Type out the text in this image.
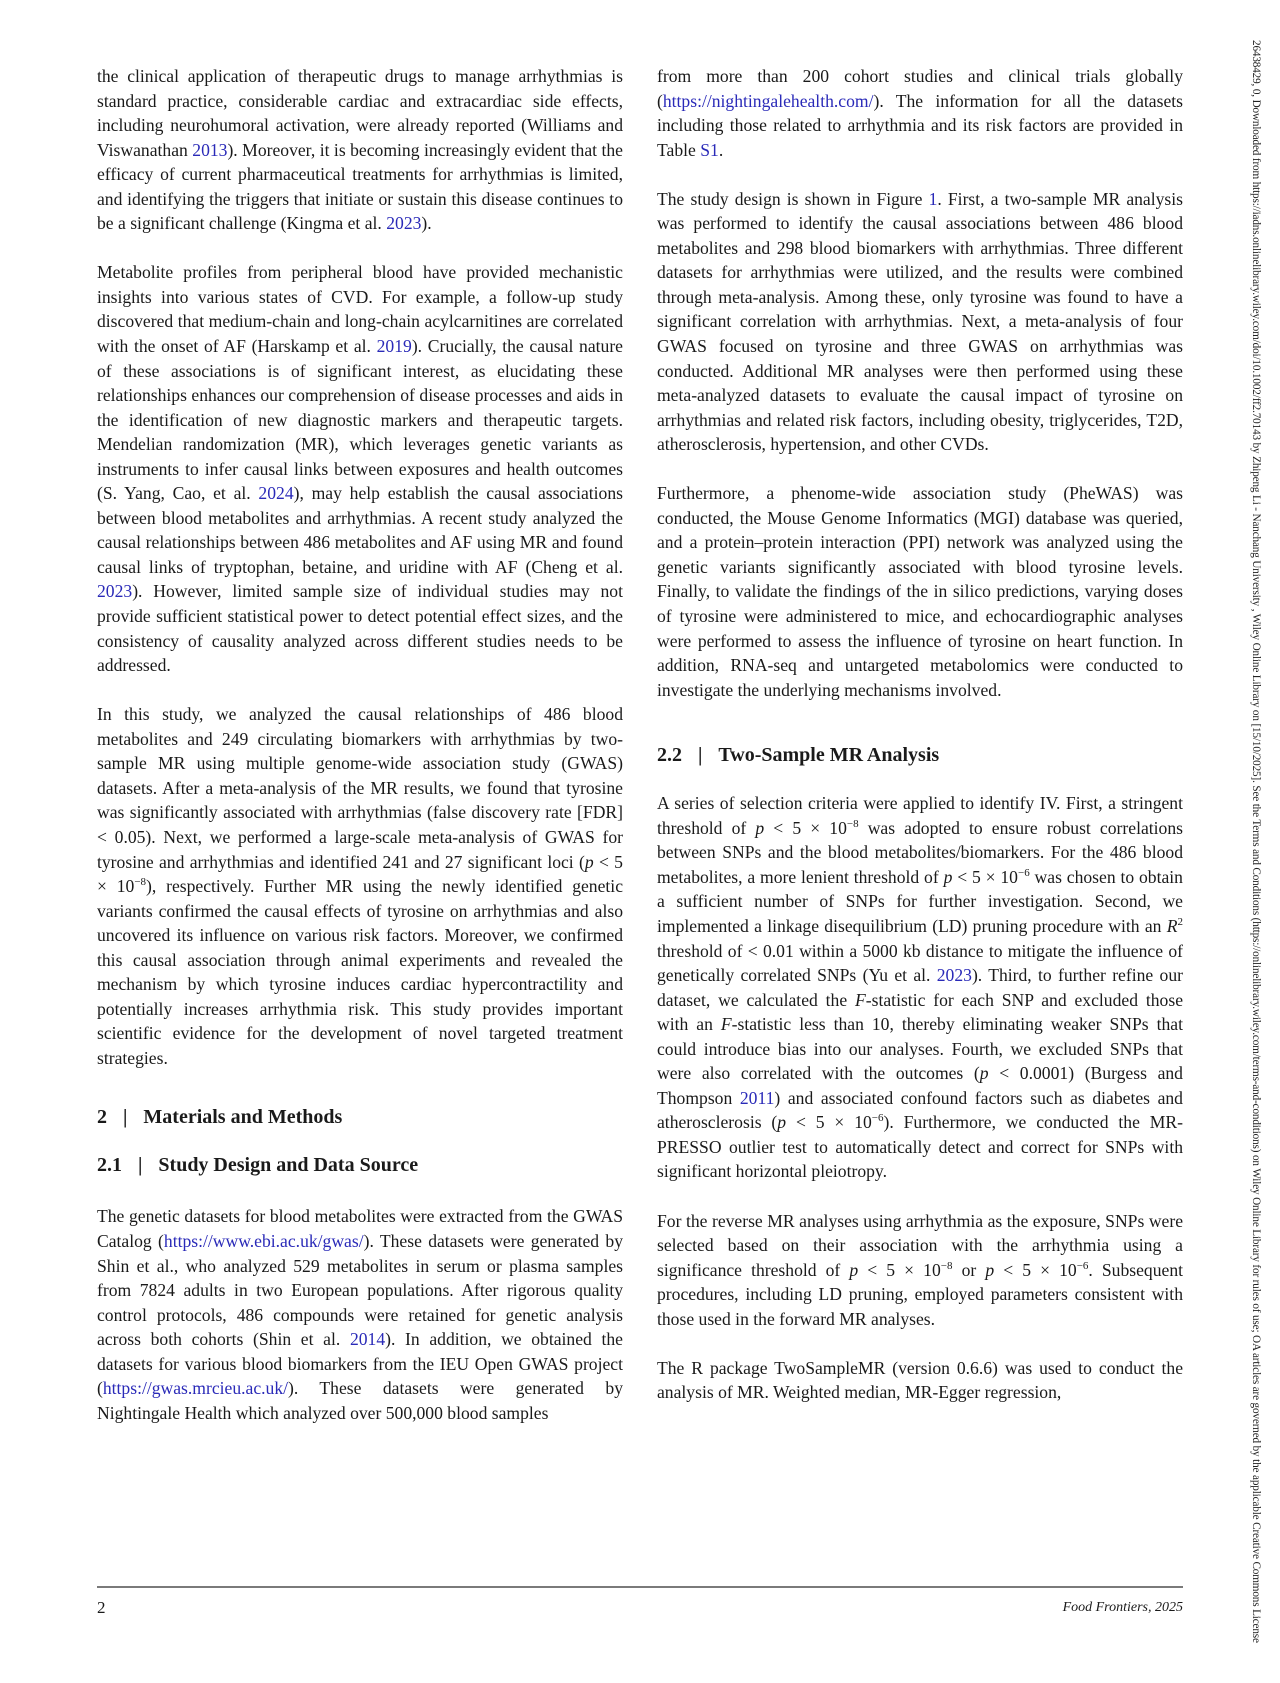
the clinical application of therapeutic drugs to manage arrhythmias is standard practice, considerable cardiac and extracardiac side effects, including neurohumoral activation, were already reported (Williams and Viswanathan 2013). Moreover, it is becoming increasingly evident that the efficacy of current pharmaceutical treatments for arrhythmias is limited, and identifying the triggers that initiate or sustain this disease continues to be a significant challenge (Kingma et al. 2023).

Metabolite profiles from peripheral blood have provided mechanistic insights into various states of CVD. For example, a follow-up study discovered that medium-chain and long-chain acylcarnitines are correlated with the onset of AF (Harskamp et al. 2019). Crucially, the causal nature of these associations is of significant interest, as elucidating these relationships enhances our comprehension of disease processes and aids in the identification of new diagnostic markers and therapeutic targets. Mendelian randomization (MR), which leverages genetic variants as instruments to infer causal links between exposures and health outcomes (S. Yang, Cao, et al. 2024), may help establish the causal associations between blood metabolites and arrhythmias. A recent study analyzed the causal relationships between 486 metabolites and AF using MR and found causal links of tryptophan, betaine, and uridine with AF (Cheng et al. 2023). However, limited sample size of individual studies may not provide sufficient statistical power to detect potential effect sizes, and the consistency of causality analyzed across different studies needs to be addressed.

In this study, we analyzed the causal relationships of 486 blood metabolites and 249 circulating biomarkers with arrhythmias by two-sample MR using multiple genome-wide association study (GWAS) datasets. After a meta-analysis of the MR results, we found that tyrosine was significantly associated with arrhythmias (false discovery rate [FDR] < 0.05). Next, we performed a large-scale meta-analysis of GWAS for tyrosine and arrhythmias and identified 241 and 27 significant loci $(p < 5 \times 10^{-8})$, respectively. Further MR using the newly identified genetic variants confirmed the causal effects of tyrosine on arrhythmias and also uncovered its influence on various risk factors. Moreover, we confirmed this causal association through animal experiments and revealed the mechanism by which tyrosine induces cardiac hypercontractility and potentially increases arrhythmia risk. This study provides important scientific evidence for the development of novel targeted treatment strategies.

2 | Materials and Methods
2.1 | Study Design and Data Source

The genetic datasets for blood metabolites were extracted from the GWAS Catalog (https://www.ebi.ac.uk/gwas/). These datasets were generated by Shin et al., who analyzed 529 metabolites in serum or plasma samples from 7824 adults in two European populations. After rigorous quality control protocols, 486 compounds were retained for genetic analysis across both cohorts (Shin et al. 2014). In addition, we obtained the datasets for various blood biomarkers from the IEU Open GWAS project (https://gwas.mrcieu.ac.uk/). These datasets were generated by Nightingale Health which analyzed over 500,000 blood samples

from more than 200 cohort studies and clinical trials globally (https://nightingalehealth.com/). The information for all the datasets including those related to arrhythmia and its risk factors are provided in Table S1.

The study design is shown in Figure 1. First, a two-sample MR analysis was performed to identify the causal associations between 486 blood metabolites and 298 blood biomarkers with arrhythmias. Three different datasets for arrhythmias were utilized, and the results were combined through meta-analysis. Among these, only tyrosine was found to have a significant correlation with arrhythmias. Next, a meta-analysis of four GWAS focused on tyrosine and three GWAS on arrhythmias was conducted. Additional MR analyses were then performed using these meta-analyzed datasets to evaluate the causal impact of tyrosine on arrhythmias and related risk factors, including obesity, triglycerides, T2D, atherosclerosis, hypertension, and other CVDs.

Furthermore, a phenome-wide association study (PheWAS) was conducted, the Mouse Genome Informatics (MGI) database was queried, and a protein–protein interaction (PPI) network was analyzed using the genetic variants significantly associated with blood tyrosine levels. Finally, to validate the findings of the in silico predictions, varying doses of tyrosine were administered to mice, and echocardiographic analyses were performed to assess the influence of tyrosine on heart function. In addition, RNA-seq and untargeted metabolomics were conducted to investigate the underlying mechanisms involved.

2.2 | Two-Sample MR Analysis

A series of selection criteria were applied to identify IV. First, a stringent threshold of $p < 5 \times 10^{-8}$ was adopted to ensure robust correlations between SNPs and the blood metabolites/biomarkers. For the 486 blood metabolites, a more lenient threshold of $p < 5 \times 10^{-6}$ was chosen to obtain a sufficient number of SNPs for further investigation. Second, we implemented a linkage disequilibrium (LD) pruning procedure with an $R^2$ threshold of < 0.01 within a 5000 kb distance to mitigate the influence of genetically correlated SNPs (Yu et al. 2023). Third, to further refine our dataset, we calculated the F-statistic for each SNP and excluded those with an F-statistic less than 10, thereby eliminating weaker SNPs that could introduce bias into our analyses. Fourth, we excluded SNPs that were also correlated with the outcomes (p < 0.0001) (Burgess and Thompson 2011) and associated confound factors such as diabetes and atherosclerosis $(p < 5 \times 10^{-6})$. Furthermore, we conducted the MR-PRESSO outlier test to automatically detect and correct for SNPs with significant horizontal pleiotropy.

For the reverse MR analyses using arrhythmia as the exposure, SNPs were selected based on their association with the arrhythmia using a significance threshold of $p < 5 \times 10^{-8}$ or $p < 5 \times 10^{-6}$. Subsequent procedures, including LD pruning, employed parameters consistent with those used in the forward MR analyses.

The R package TwoSampleMR (version 0.6.6) was used to conduct the analysis of MR. Weighted median, MR-Egger regression,

2	Food Frontiers, 2025	26438429, 0, Downloaded from https://iadns.onlinelibrary.wiley.com/doi/10.1002/ff2.70143 by Zhipeng Li - Nanchang University , Wiley Online Library on [15/10/2025]. See the Terms and Conditions (https://onlinelibrary.wiley.com/terms-and-conditions) on Wiley Online Library for rules of use; OA articles are governed by the applicable Creative Commons License
